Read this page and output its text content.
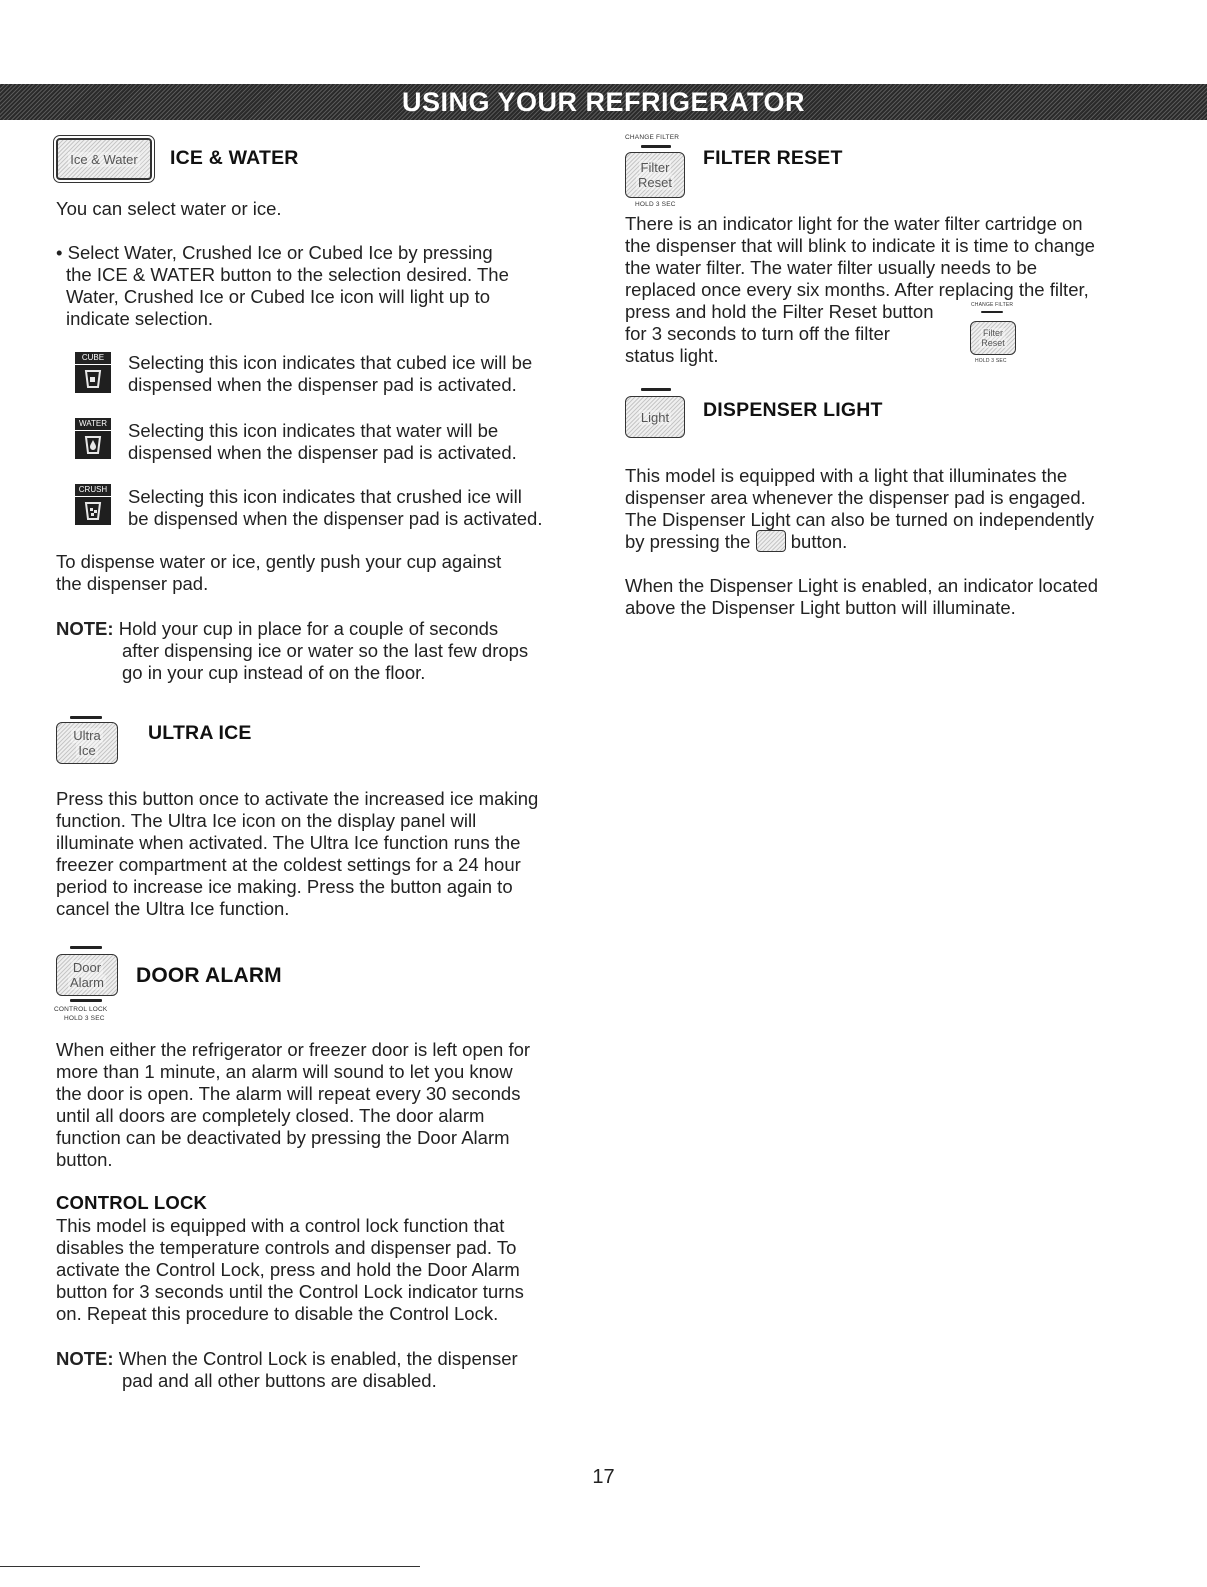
USING YOUR REFRIGERATOR
Ice & Water ICE & WATER

You can select water or ice.

• Select Water, Crushed Ice or Cubed Ice by pressing

the ICE & WATER button to the selection desired. The

Water, Crushed Ice or Cubed Ice icon will light up to

indicate selection.

CUBE	Selecting this icon indicates that cubed ice will be

dispensed when the dispenser pad is activated.

WATER Selecting this icon indicates that water will be

dispensed when the dispenser pad is activated.

CRUSH Selecting this icon indicates that crushed ice will

be dispensed when the dispenser pad is activated.

To dispense water or ice, gently push your cup against

the dispenser pad.

NOTE: Hold your cup in place for a couple of seconds

after dispensing ice or water so the last few drops

go in your cup instead of on the floor.

Ultra
Ice
ULTRA ICE

Press this button once to activate the increased ice making

function. The Ultra Ice icon on the display panel will

illuminate when activated. The Ultra Ice function runs the

freezer compartment at the coldest settings for a 24 hour

period to increase ice making. Press the button again to

cancel the Ultra Ice function.

Door
Alarm
CONTROL LOCK
HOLD 3 SEC
DOOR ALARM

When either the refrigerator or freezer door is left open for

more than 1 minute, an alarm will sound to let you know

the door is open. The alarm will repeat every 30 seconds

until all doors are completely closed. The door alarm

function can be deactivated by pressing the Door Alarm

button.

CONTROL LOCK

This model is equipped with a control lock function that

disables the temperature controls and dispenser pad. To

activate the Control Lock, press and hold the Door Alarm

button for 3 seconds until the Control Lock indicator turns

on. Repeat this procedure to disable the Control Lock.

NOTE: When the Control Lock is enabled, the dispenser

pad and all other buttons are disabled.

CHANGE FILTER
Filter
Reset
HOLD 3 SEC
FILTER RESET

There is an indicator light for the water filter cartridge on

the dispenser that will blink to indicate it is time to change

the water filter. The water filter usually needs to be

replaced once every six months. After replacing the filter,

press and hold the Filter Reset button

for 3 seconds to turn off the filter

status light.

CHANGE FILTER
Filter
Reset
HOLD 3 SEC
Light DISPENSER LIGHT

This model is equipped with a light that illuminates the

dispenser area whenever the dispenser pad is engaged.

The Dispenser Light can also be turned on independently

by pressing the button.

When the Dispenser Light is enabled, an indicator located

above the Dispenser Light button will illuminate.

17
